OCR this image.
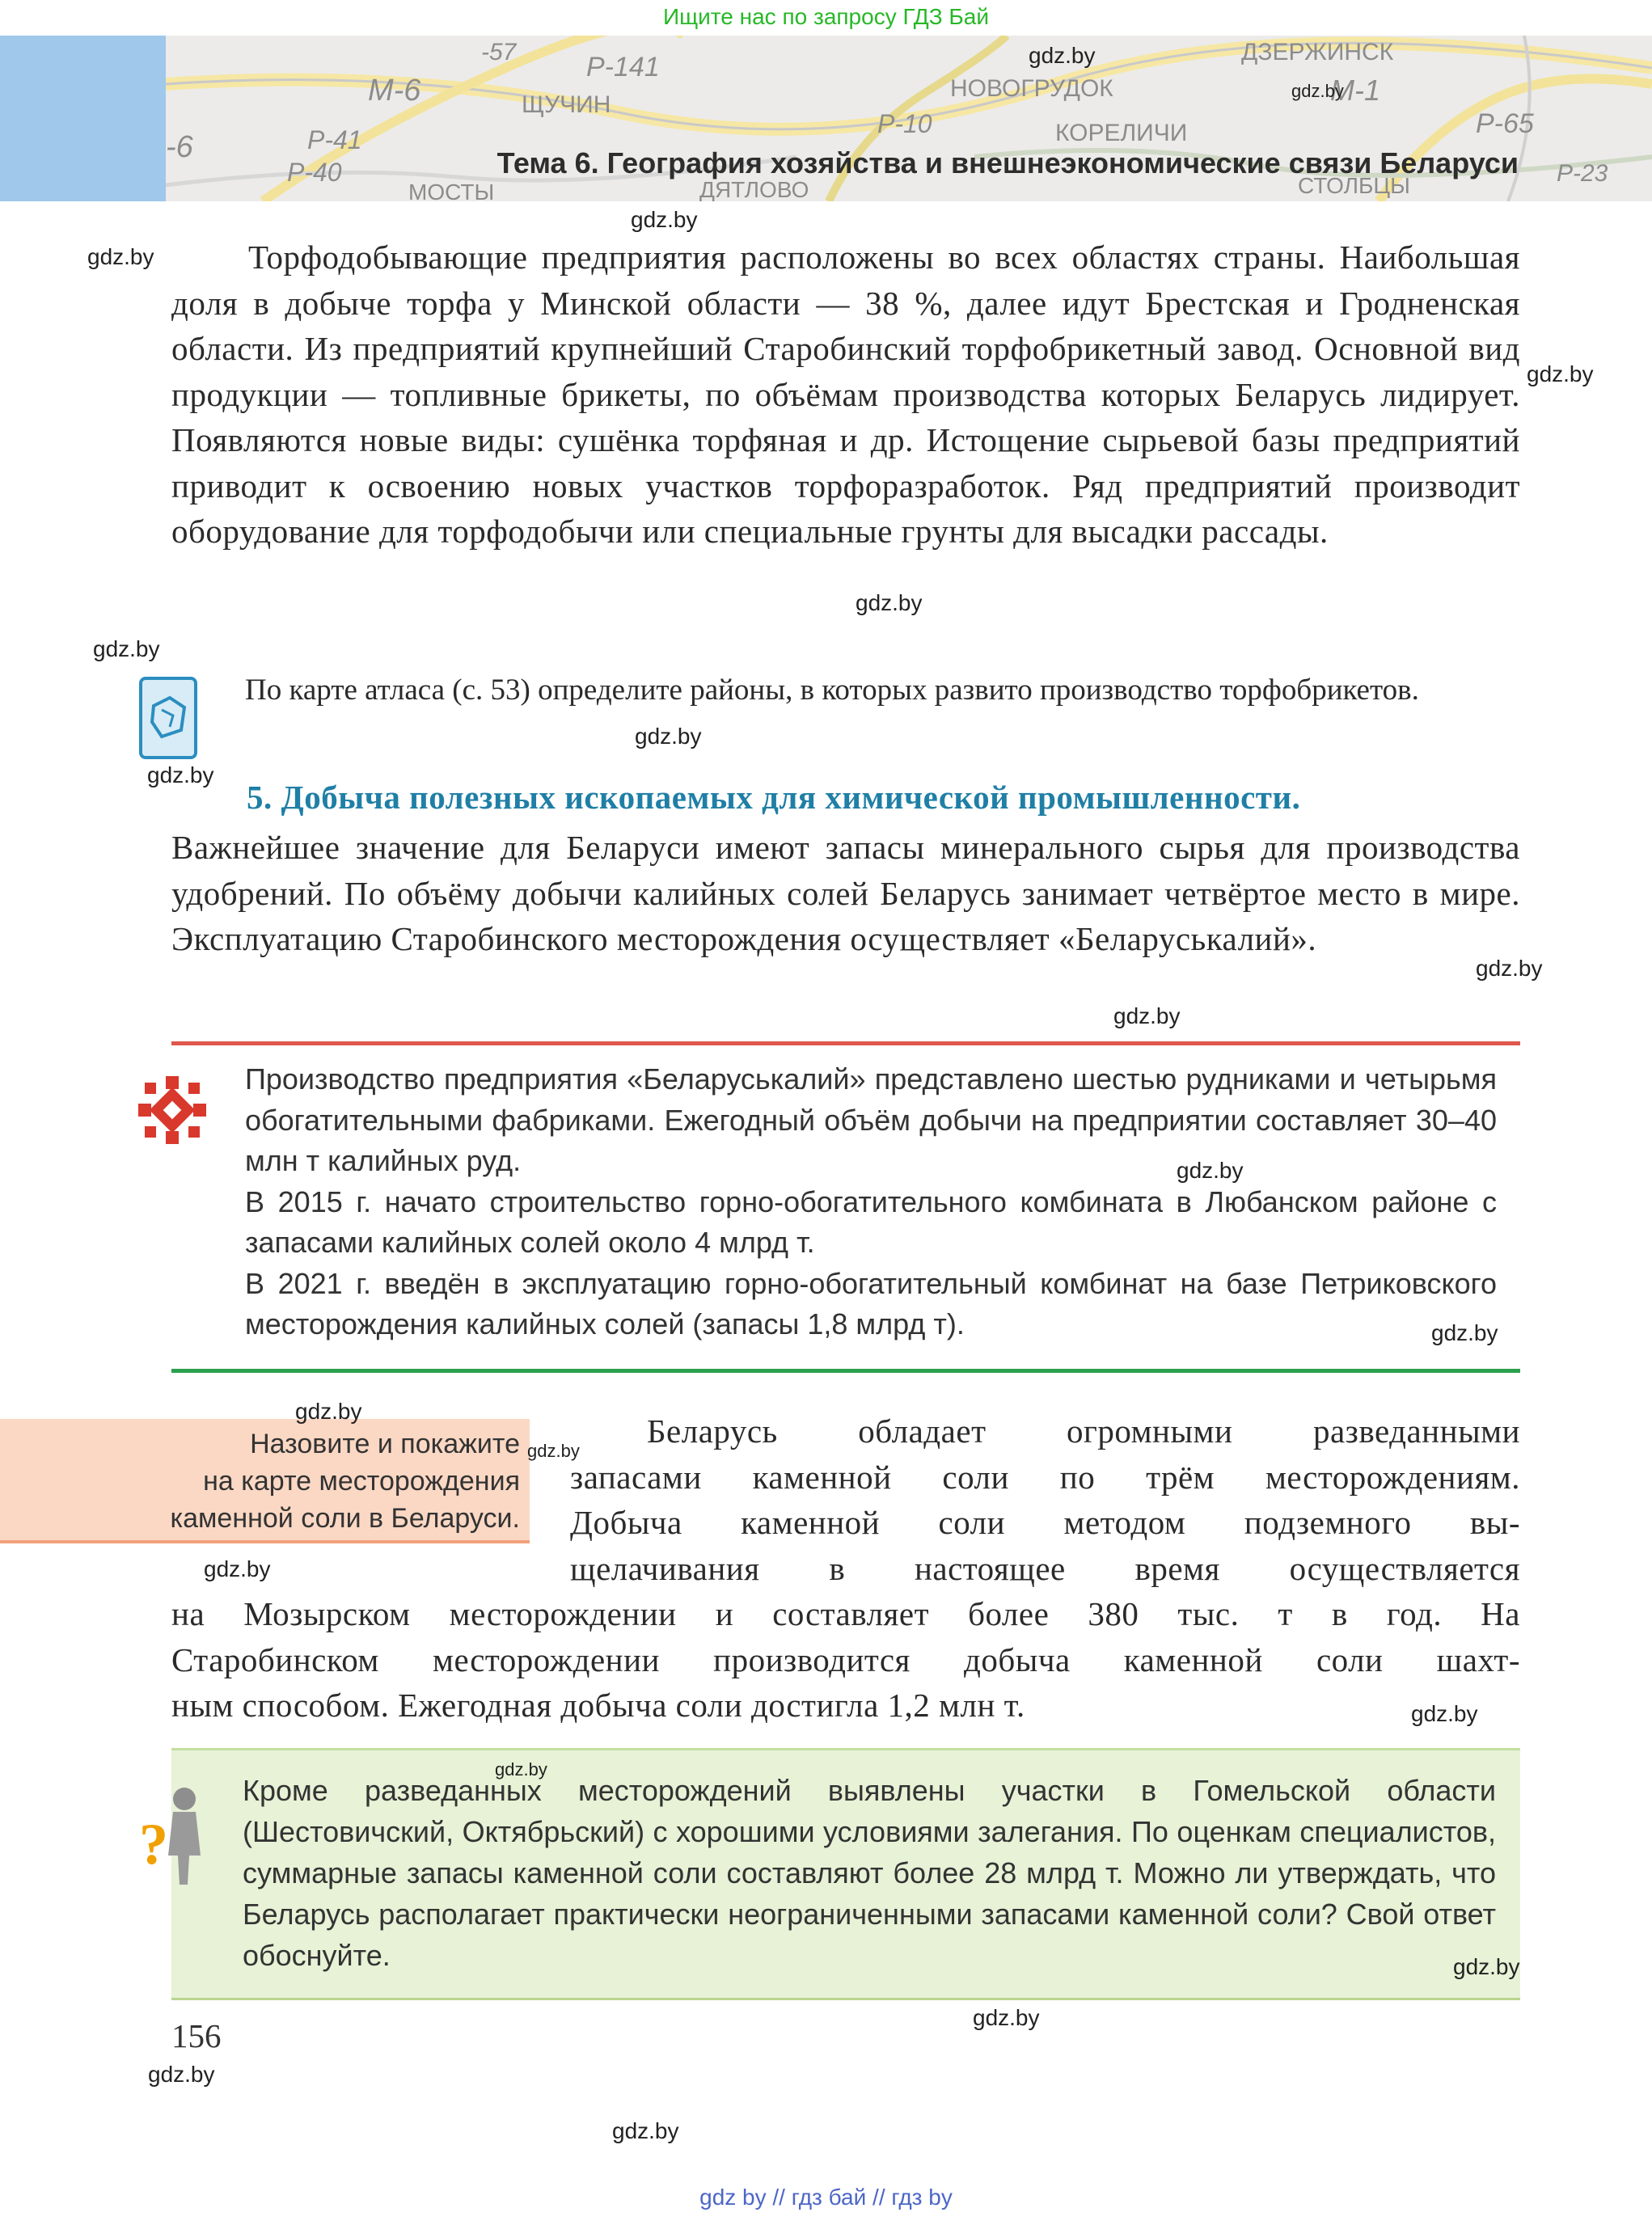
Ищите нас по запросу ГДЗ Бай
М-6
Р-141
ЩУЧИН
НОВОГРУДОК
ДЗЕРЖИНСК
М-1
КОРЕЛИЧИ	Р-65
Р-10
Р-41
Р-40
-6
-57
Р-23
СТОЛБЦЫ
ДЯТЛОВО
МОСТЫ
Тема 6. География хозяйства и внешнеэкономические связи Беларуси

Торфодобывающие предприятия расположены во всех областях страны. Наибольшая доля в добыче торфа у Минской области — 38 %, далее идут Брестская и Гродненская области. Из предприятий крупнейший Старобинский торфобрикетный завод. Основной вид продукции — топливные брикеты, по объёмам производства которых Беларусь лидирует. Появляются новые виды: сушёнка торфяная и др. Истощение сырьевой базы предприятий приводит к освоению новых участков торфоразработок. Ряд предприятий производит оборудование для торфодобычи или специальные грунты для высадки рассады.

По карте атласа (с. 53) определите районы, в которых развито производство торфобрикетов.
5. Добыча полезных ископаемых для химической промышленности.

Важнейшее значение для Беларуси имеют запасы минерального сырья для производства удобрений. По объёму добычи калийных солей Беларусь занимает четвёртое место в мире. Эксплуатацию Старобинского месторождения осуществляет «Беларуськалий».

Производство предприятия «Беларуськалий» представлено шестью рудниками и четырьмя обогатительными фабриками. Ежегодный объём добычи на предприятии составляет 30–40 млн т калийных руд.

В 2015 г. начато строительство горно-обогатительного комбината в Любанском районе с запасами калийных солей около 4 млрд т.

В 2021 г. введён в эксплуатацию горно-обогатительный комбинат на базе Петриковского месторождения калийных солей (запасы 1,8 млрд т).

Назовите и покажите
на карте месторождения
каменной соли в Беларуси.
Беларусь обладает огромными разведанными
запасами каменной соли по трём месторождениям.
Добыча каменной соли методом подземного вы-
щелачивания в настоящее время осуществляется
на Мозырском месторождении и составляет более 380 тыс. т в год. На
Старобинском месторождении производится добыча каменной соли шахт-
ным способом. Ежегодная добыча соли достигла 1,2 млн т.
Кроме разведанных месторождений выявлены участки в Гомельской области (Шестовичский, Октябрьский) с хорошими условиями залегания. По оценкам специалистов, суммарные запасы каменной соли составляют более 28 млрд т. Можно ли утверждать, что Беларусь располагает практически неограниченными запасами каменной соли? Свой ответ обоснуйте.
?
156
gdz.by
gdz.by
gdz.by
gdz.by
gdz.by
gdz.by
gdz.by
gdz.by
gdz.by
gdz.by
gdz.by
gdz.by
gdz.by
gdz.by
gdz.by
gdz.by
gdz.by
gdz.by
gdz.by
gdz.by
gdz.by
gdz.by
gdz by // гдз бай // гдз by
